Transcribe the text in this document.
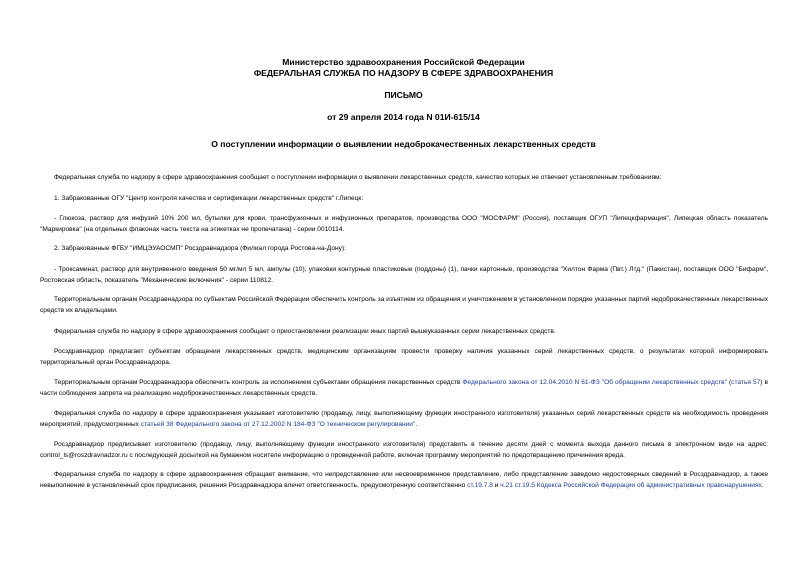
Министерство здравоохранения Российской Федерации
ФЕДЕРАЛЬНАЯ СЛУЖБА ПО НАДЗОРУ В СФЕРЕ ЗДРАВООХРАНЕНИЯ
ПИСЬМО
от 29 апреля 2014 года N 01И-615/14
О поступлении информации о выявлении недоброкачественных лекарственных средств

Федеральная служба по надзору в сфере здравоохранения сообщает о поступлении информации о выявлении лекарственных средств, качество которых не отвечает установленным требованиям:

1. Забракованные ОГУ "Центр контроля качества и сертификации лекарственных средств" г.Липецк:

- Глюкоза, раствор для инфузий 10% 200 мл, бутылки для крови, трансфузионных и инфузионных препаратов, производства ООО "МОСФАРМ" (Россия), поставщик ОГУП "Липецкфармация", Липецкая область показатель "Маркировка" (на отдельных флаконах часть текста на этикетках не пропечатана) - серии 0010114.

2. Забракованные ФГБУ "ИМЦЭУАОСМП" Росздравнадзора (Филиал города Ростова-на-Дону):

- Троксаминат, раствор для внутривенного введения 50 мг/мл 5 мл, ампулы (10), упаковки контурные пластиковые (поддоны) (1), пачки картонные, производства "Хилтон Фарма (Пвт.) Лтд." (Пакистан), поставщик ООО "Бифарм", Ростовская область, показатель "Механические включения" - серии 110812.

Территориальным органам Росздравнадзора по субъектам Российской Федерации обеспечить контроль за изъятием из обращения и уничтожением в установленном порядке указанных партий недоброкачественных лекарственных средств их владельцами.

Федеральная служба по надзору в сфере здравоохранения сообщает о приостановлении реализации иных партий вышеуказанных серии лекарственных средств.

Росздравнадзор предлагает субъектам обращения лекарственных средств, медицинским организациям провести проверку наличия указанных серий лекарственных средств, о результатах которой информировать территориальный орган Росздравнадзора.

Территориальным органам Росздравнадзора обеспечить контроль за исполнением субъектами обращения лекарственных средств Федерального закона от 12.04.2010 N 61-ФЗ "Об обращении лекарственных средств" (статья 57) в части соблюдения запрета на реализацию недоброкачественных лекарственных средств.

Федеральная служба по надзору в сфере здравоохранения указывает изготовителю (продавцу, лицу, выполняющему функции иностранного изготовителя) указанных серий лекарственных средств на необходимость проведения мероприятий, предусмотренных статьей 38 Федерального закона от 27.12.2002 N 184-ФЗ "О техническом регулировании".

Росздравнадзор предписывает изготовителю (продавцу, лицу, выполняющему функции иностранного изготовителя) представить в течение десяти дней с момента выхода данного письма в электронном виде на адрес: control_ls@roszdravnadzor.ru с последующей досылкой на бумажном носителе информацию о проведенной работе, включая программу мероприятий по предотвращению причинения вреда.

Федеральная служба по надзору в сфере здравоохранения обращает внимание, что непредставление или несвоевременное представление, либо представление заведомо недостоверных сведений в Росздравнадзор, а также невыполнение в установленный срок предписания, решения Росздравнадзора влечет ответственность, предусмотренную соответственно ст.19.7.8 и ч.21 ст.19.5 Кодекса Российской Федерации об административных правонарушениях.
